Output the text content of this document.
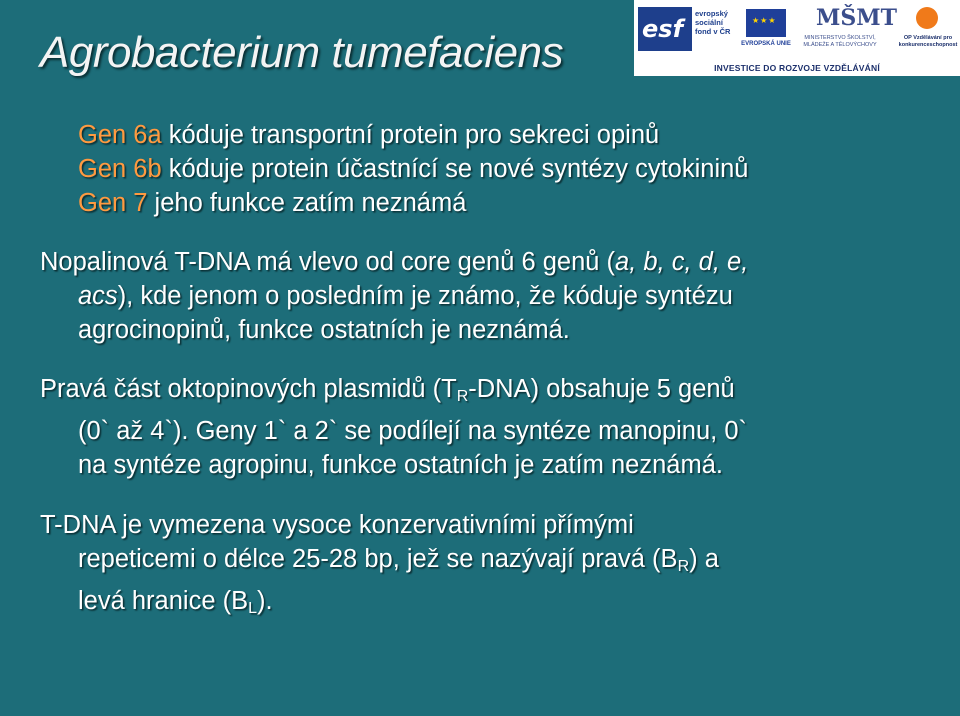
Agrobacterium tumefaciens	esf
evropský sociální fond v ČR
★★★
EVROPSKÁ UNIE
MŠMT
MINISTERSTVO ŠKOLSTVÍ, MLÁDEŽE A TĚLOVÝCHOVY
OP Vzdělávání pro konkurenceschopnost
INVESTICE DO ROZVOJE VZDĚLÁVÁNÍ

Gen 6a kóduje transportní protein pro sekreci opinů

Gen 6b kóduje protein účastnící se nové syntézy cytokininů

Gen 7 jeho funkce zatím neznámá

Nopalinová T-DNA má vlevo od core genů 6 genů (a, b, c, d, e,

acs), kde jenom o posledním je známo, že kóduje syntézu

agrocinopinů, funkce ostatních je neznámá.

Pravá část oktopinových plasmidů $(T_R-DNA)$ obsahuje 5 genů

(0` až 4`). Geny 1` a 2` se podílejí na syntéze manopinu, 0`

na syntéze agropinu, funkce ostatních je zatím neznámá.

T-DNA je vymezena vysoce konzervativními přímými

repeticemi o délce 25-28 bp, jež se nazývají pravá $(B_R)$ a

levá hranice $(B_L)$.
